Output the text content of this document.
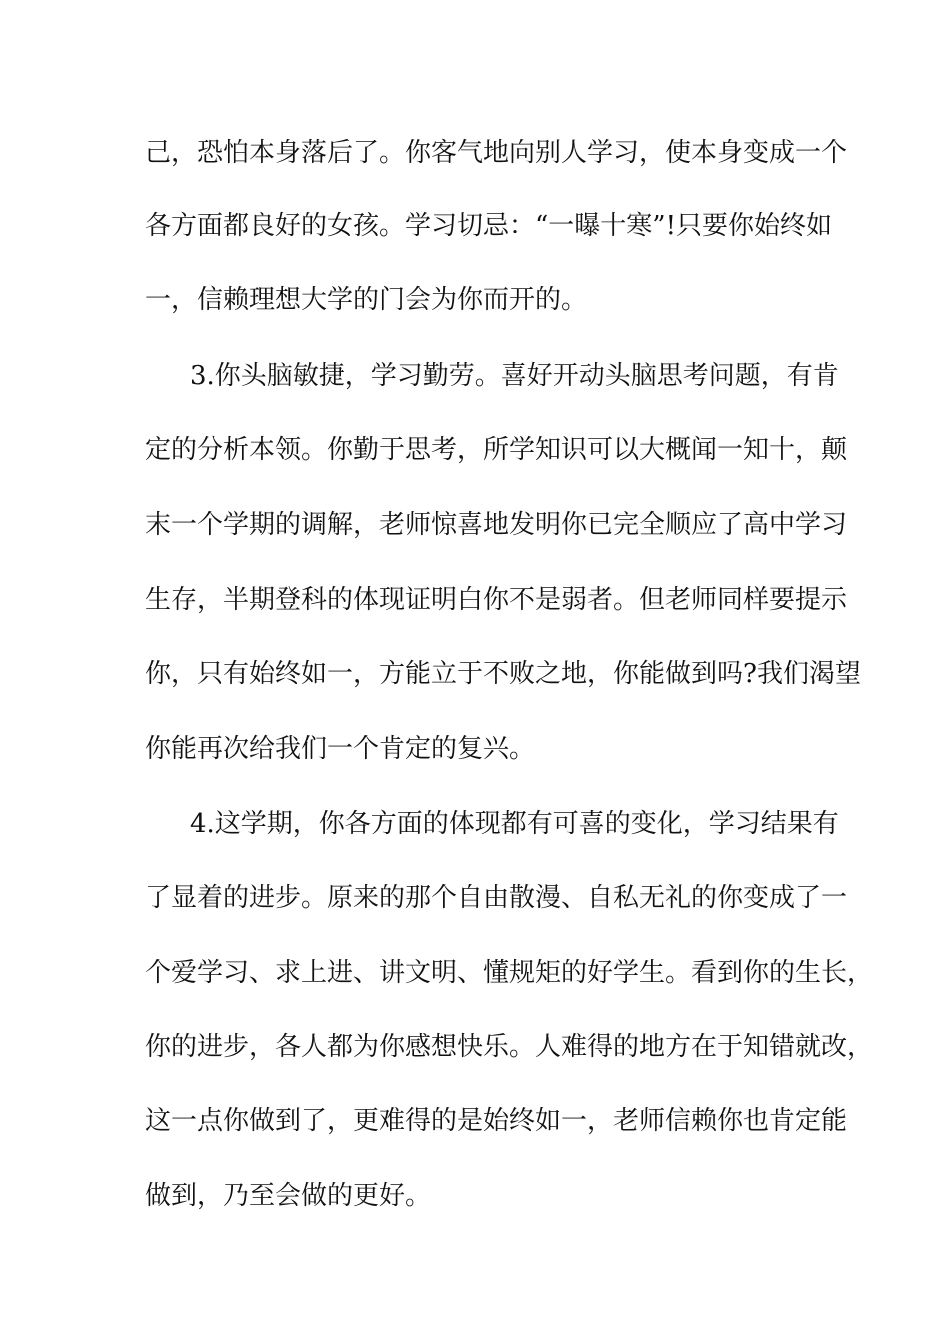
己，恐怕本身落后了。你客气地向别人学习，使本身变成一个
各方面都良好的女孩。学习切忌：“一曝十寒”!只要你始终如
一，信赖理想大学的门会为你而开的。
3.你头脑敏捷，学习勤劳。喜好开动头脑思考问题，有肯
定的分析本领。你勤于思考，所学知识可以大概闻一知十，颠
末一个学期的调解，老师惊喜地发明你已完全顺应了高中学习
生存，半期登科的体现证明白你不是弱者。但老师同样要提示
你，只有始终如一，方能立于不败之地，你能做到吗?我们渴望
你能再次给我们一个肯定的复兴。
4.这学期，你各方面的体现都有可喜的变化，学习结果有
了显着的进步。原来的那个自由散漫、自私无礼的你变成了一
个爱学习、求上进、讲文明、懂规矩的好学生。看到你的生长，
你的进步，各人都为你感想快乐。人难得的地方在于知错就改，
这一点你做到了，更难得的是始终如一，老师信赖你也肯定能
做到，乃至会做的更好。
